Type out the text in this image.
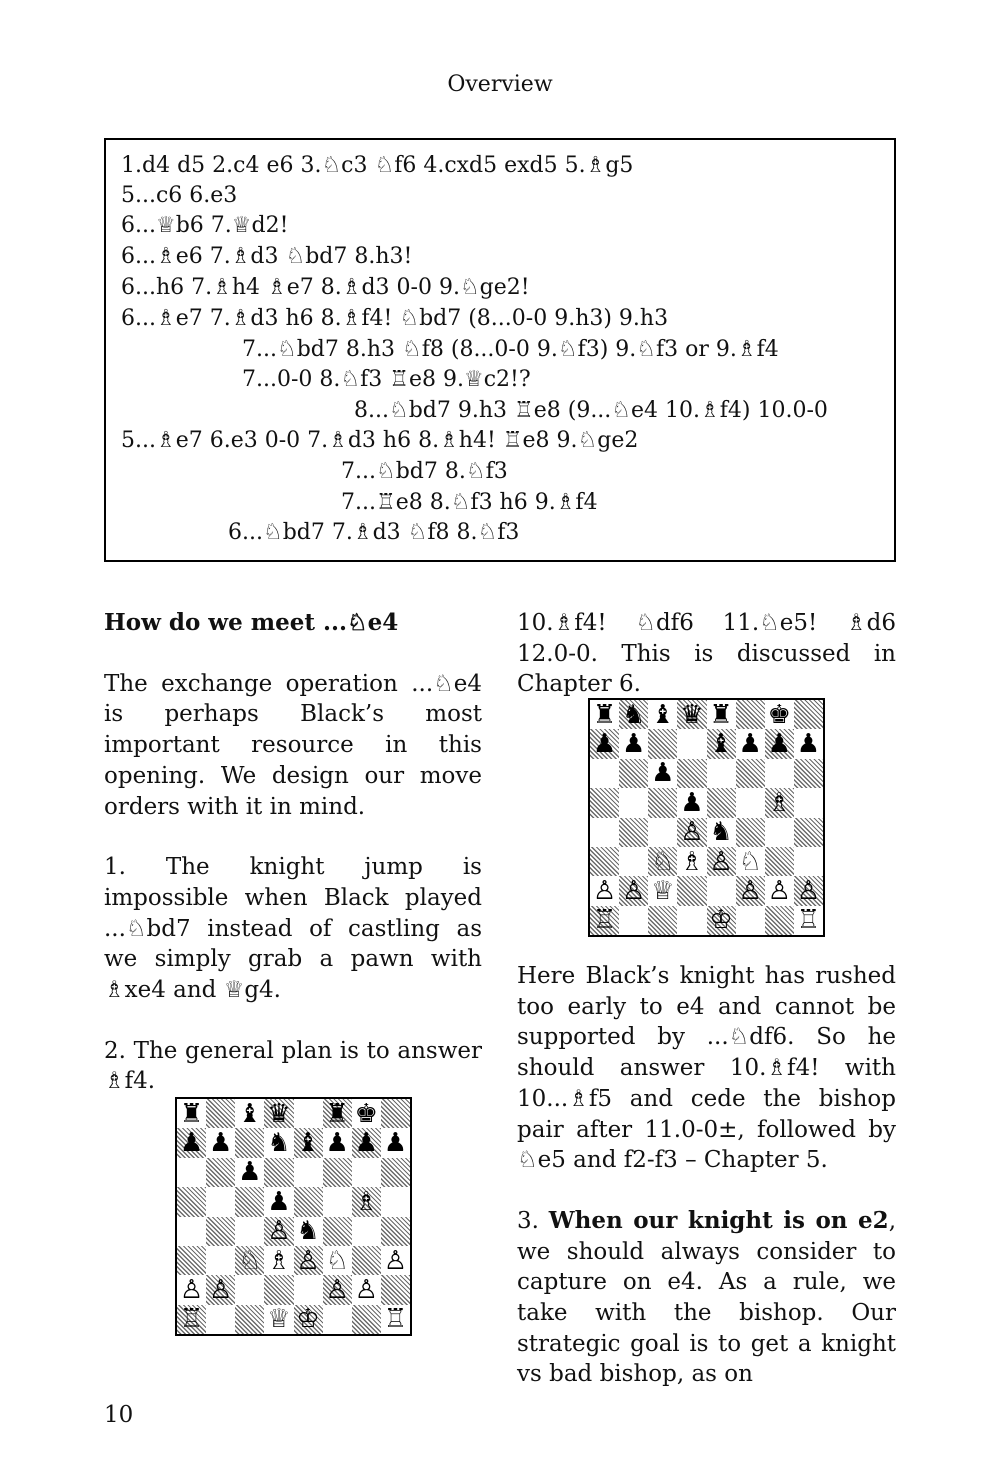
Overview
1.d4 d5 2.c4 e6 3.♘c3 ♘f6 4.cxd5 exd5 5.♗g5
5...c6 6.e3
6...♕b6 7.♕d2!
6...♗e6 7.♗d3 ♘bd7 8.h3!
6...h6 7.♗h4 ♗e7 8.♗d3 0-0 9.♘ge2!
6...♗e7 7.♗d3 h6 8.♗f4! ♘bd7 (8...0-0 9.h3) 9.h3
7...♘bd7 8.h3 ♘f8 (8...0-0 9.♘f3) 9.♘f3 or 9.♗f4
7...0-0 8.♘f3 ♖e8 9.♕c2!?
8...♘bd7 9.h3 ♖e8 (9...♘e4 10.♗f4) 10.0-0
5...♗e7 6.e3 0-0 7.♗d3 h6 8.♗h4! ♖e8 9.♘ge2
7...♘bd7 8.♘f3
7...♖e8 8.♘f3 h6 9.♗f4
6...♘bd7 7.♗d3 ♘f8 8.♘f3

How do we meet ...♘e4

The exchange operation ...♘e4 is perhaps Black’s most important resource in this opening. We design our move orders with it in mind.

1. The knight jump is impossible when Black played ...♘bd7 instead of castling as we simply grab a pawn with ♗xe4 and ♕g4.

2. The general plan is to answer ♗f4.

♜ ♝ ♛ ♜ ♚
♟ ♟ ♞ ♝ ♟ ♟ ♟
♟
♟ ♗
♙ ♞
♘ ♗ ♙ ♘ ♙
♙ ♙	♙ ♙
♖ ♕ ♔ ♖

10.♗f4! ♘df6 11.♘e5! ♗d6 12.0-0. This is discussed in Chapter 6.

♜ ♞ ♝ ♛ ♜ ♚
♟ ♟ ♝ ♟ ♟ ♟
♟
♟ ♗
♙ ♞
♘ ♗ ♙ ♘
♙ ♙ ♕ ♙ ♙ ♙
♖	♔ ♖

Here Black’s knight has rushed too early to e4 and cannot be supported by ...♘df6. So he should answer 10.♗f4! with 10...♗f5 and cede the bishop pair after 11.0-0±, followed by ♘e5 and f2-f3 – Chapter 5.

3. When our knight is on e2, we should always consider to capture on e4. As a rule, we take with the bishop. Our strategic goal is to get a knight vs bad bishop, as on

10
